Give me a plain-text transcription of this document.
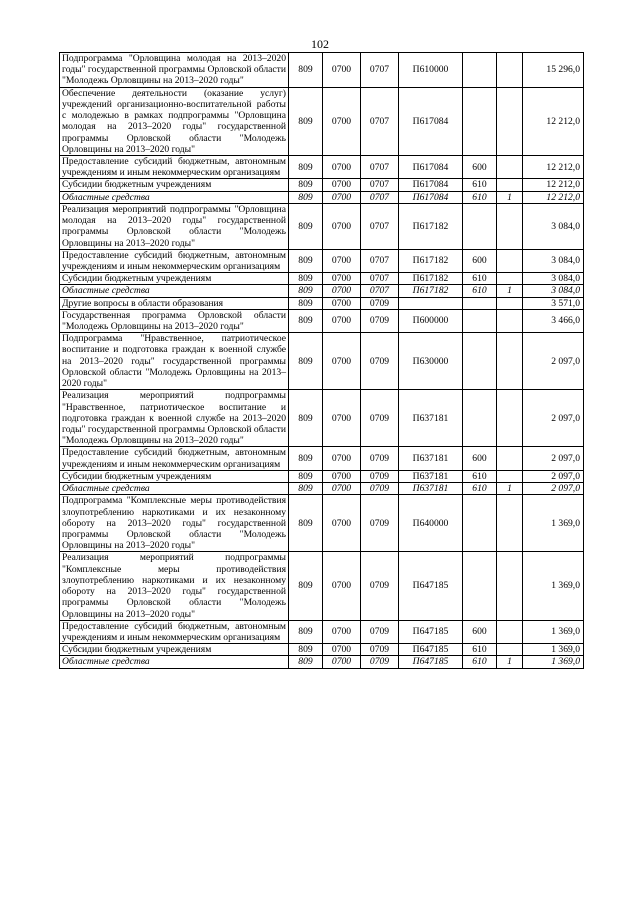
102
Подпрограмма "Орловщина молодая на 2013–2020 годы" государственной программы Орловской области "Молодежь Орловщины на 2013–2020 годы"	809	0700	0707	П610000			15 296,0
Обеспечение деятельности (оказание услуг) учреждений организационно-воспитательной работы с молодежью в рамках подпрограммы "Орловщина молодая на 2013–2020 годы" государственной программы Орловской области "Молодежь Орловщины на 2013–2020 годы"	809	0700	0707	П617084			12 212,0
Предоставление субсидий бюджетным, автономным учреждениям и иным некоммерческим организациям	809	0700	0707	П617084	600		12 212,0
Субсидии бюджетным учреждениям	809	0700	0707	П617084	610		12 212,0
Областные средства	809	0700	0707	П617084	610	1	12 212,0
Реализация мероприятий подпрограммы "Орловщина молодая на 2013–2020 годы" государственной программы Орловской области "Молодежь Орловщины на 2013–2020 годы"	809	0700	0707	П617182			3 084,0
Предоставление субсидий бюджетным, автономным учреждениям и иным некоммерческим организациям	809	0700	0707	П617182	600		3 084,0
Субсидии бюджетным учреждениям	809	0700	0707	П617182	610		3 084,0
Областные средства	809	0700	0707	П617182	610	1	3 084,0
Другие вопросы в области образования	809	0700	0709				3 571,0
Государственная программа Орловской области "Молодежь Орловщины на 2013–2020 годы"	809	0700	0709	П600000			3 466,0
Подпрограмма "Нравственное, патриотическое воспитание и подготовка граждан к военной службе на 2013–2020 годы" государственной программы Орловской области "Молодежь Орловщины на 2013–2020 годы"	809	0700	0709	П630000			2 097,0
Реализация мероприятий подпрограммы "Нравственное, патриотическое воспитание и подготовка граждан к военной службе на 2013–2020 годы" государственной программы Орловской области "Молодежь Орловщины на 2013–2020 годы"	809	0700	0709	П637181			2 097,0
Предоставление субсидий бюджетным, автономным учреждениям и иным некоммерческим организациям	809	0700	0709	П637181	600		2 097,0
Субсидии бюджетным учреждениям	809	0700	0709	П637181	610		2 097,0
Областные средства	809	0700	0709	П637181	610	1	2 097,0
Подпрограмма "Комплексные меры противодействия злоупотреблению наркотиками и их незаконному обороту на 2013–2020 годы" государственной программы Орловской области "Молодежь Орловщины на 2013–2020 годы"	809	0700	0709	П640000			1 369,0
Реализация мероприятий подпрограммы "Комплексные меры противодействия злоупотреблению наркотиками и их незаконному обороту на 2013–2020 годы" государственной программы Орловской области "Молодежь Орловщины на 2013–2020 годы"	809	0700	0709	П647185			1 369,0
Предоставление субсидий бюджетным, автономным учреждениям и иным некоммерческим организациям	809	0700	0709	П647185	600		1 369,0
Субсидии бюджетным учреждениям	809	0700	0709	П647185	610		1 369,0
Областные средства	809	0700	0709	П647185	610	1	1 369,0
